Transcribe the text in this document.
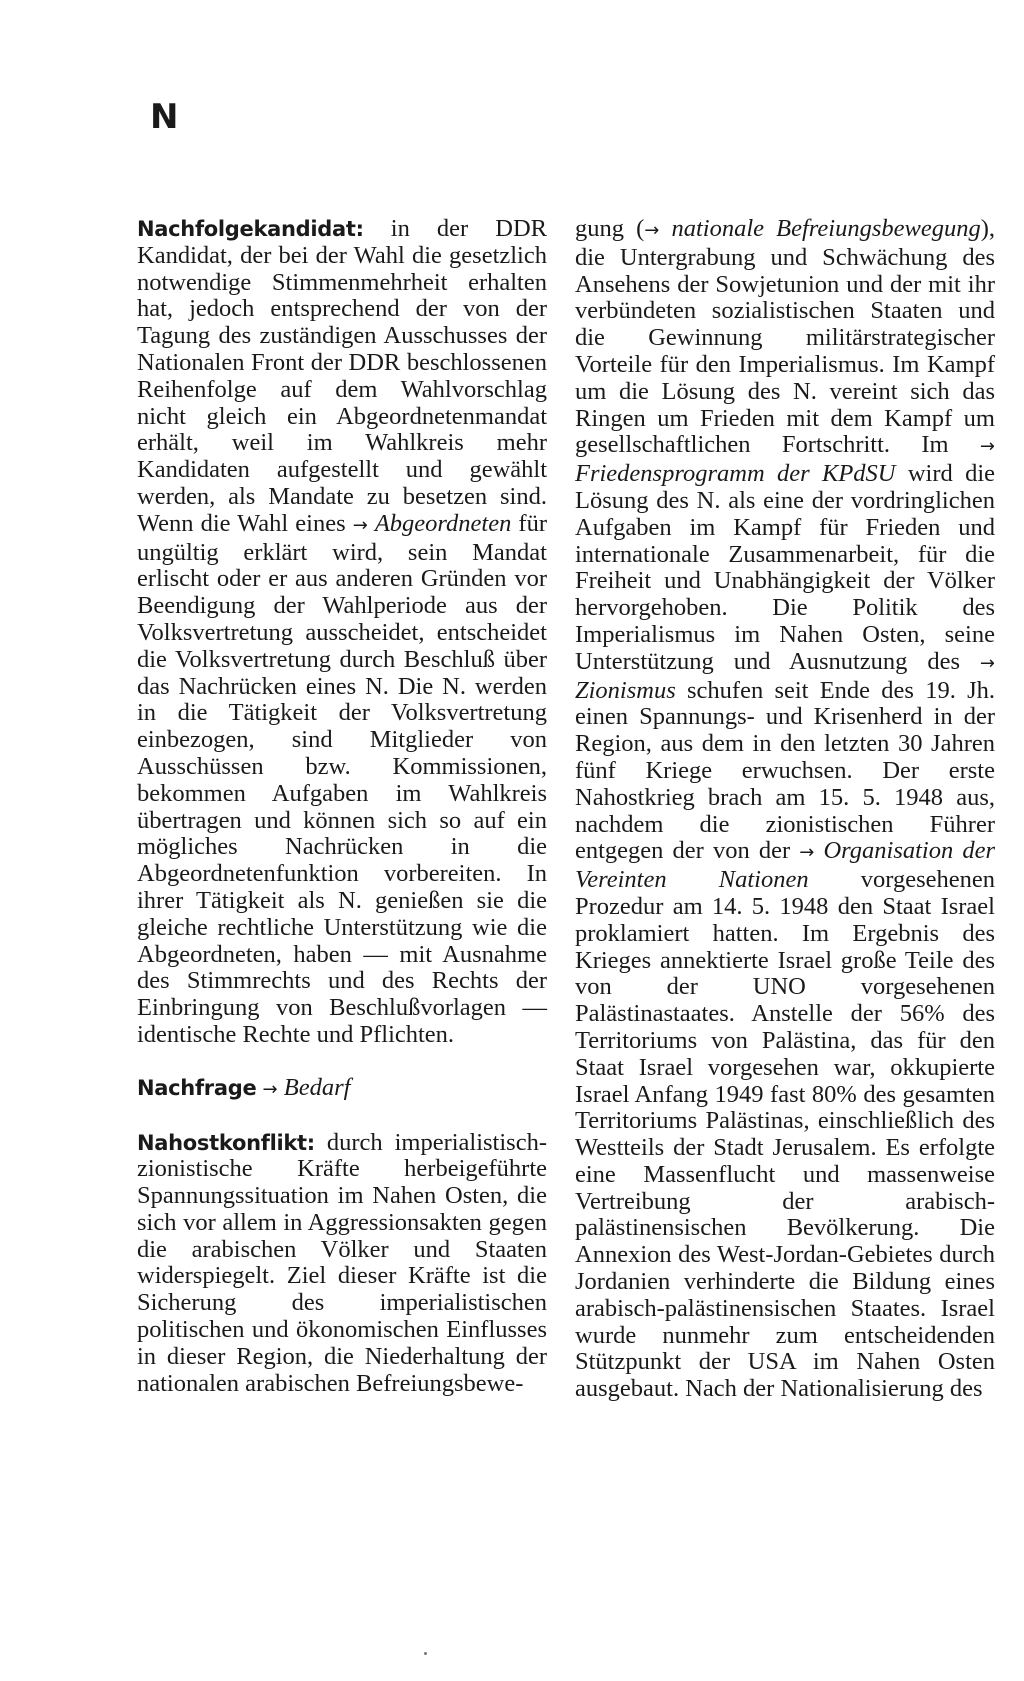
N

Nachfolgekandidat: in der DDR Kandidat, der bei der Wahl die gesetzlich notwendige Stimmenmehrheit erhalten hat, jedoch entsprechend der von der Tagung des zuständigen Ausschusses der Nationalen Front der DDR beschlossenen Reihenfolge auf dem Wahlvorschlag nicht gleich ein Abgeordnetenmandat erhält, weil im Wahlkreis mehr Kandidaten aufgestellt und gewählt werden, als Mandate zu besetzen sind. Wenn die Wahl eines → Abgeordneten für ungültig erklärt wird, sein Mandat erlischt oder er aus anderen Gründen vor Beendigung der Wahlperiode aus der Volksvertretung ausscheidet, entscheidet die Volksvertretung durch Beschluß über das Nachrücken eines N. Die N. werden in die Tätigkeit der Volksvertretung einbezogen, sind Mitglieder von Ausschüssen bzw. Kommissionen, bekommen Aufgaben im Wahlkreis übertragen und können sich so auf ein mögliches Nachrücken in die Abgeordnetenfunktion vorbereiten. In ihrer Tätigkeit als N. genießen sie die gleiche rechtliche Unterstützung wie die Abgeordneten, haben — mit Ausnahme des Stimmrechts und des Rechts der Einbringung von Beschlußvorlagen — identische Rechte und Pflichten.

Nachfrage → Bedarf

Nahostkonflikt: durch imperialistisch-zionistische Kräfte herbeigeführte Spannungssituation im Nahen Osten, die sich vor allem in Aggressionsakten gegen die arabischen Völker und Staaten widerspiegelt. Ziel dieser Kräfte ist die Sicherung des imperialistischen politischen und ökonomischen Einflusses in dieser Region, die Niederhaltung der nationalen arabischen Befreiungsbewe-

gung (→ nationale Befreiungsbewegung), die Untergrabung und Schwächung des Ansehens der Sowjetunion und der mit ihr verbündeten sozialistischen Staaten und die Gewinnung militärstrategischer Vorteile für den Imperialismus. Im Kampf um die Lösung des N. vereint sich das Ringen um Frieden mit dem Kampf um gesellschaftlichen Fortschritt. Im → Friedensprogramm der KPdSU wird die Lösung des N. als eine der vordringlichen Aufgaben im Kampf für Frieden und internationale Zusammenarbeit, für die Freiheit und Unabhängigkeit der Völker hervorgehoben. Die Politik des Imperialismus im Nahen Osten, seine Unterstützung und Ausnutzung des → Zionismus schufen seit Ende des 19. Jh. einen Spannungs- und Krisenherd in der Region, aus dem in den letzten 30 Jahren fünf Kriege erwuchsen. Der erste Nahostkrieg brach am 15. 5. 1948 aus, nachdem die zionistischen Führer entgegen der von der → Organisation der Vereinten Nationen vorgesehenen Prozedur am 14. 5. 1948 den Staat Israel proklamiert hatten. Im Ergebnis des Krieges annektierte Israel große Teile des von der UNO vorgesehenen Palästinastaates. Anstelle der 56% des Territoriums von Palästina, das für den Staat Israel vorgesehen war, okkupierte Israel Anfang 1949 fast 80% des gesamten Territoriums Palästinas, einschließlich des Westteils der Stadt Jerusalem. Es erfolgte eine Massenflucht und massenweise Vertreibung der arabisch-palästinensischen Bevölkerung. Die Annexion des West-Jordan-Gebietes durch Jordanien verhinderte die Bildung eines arabisch-palästinensischen Staates. Israel wurde nunmehr zum entscheidenden Stützpunkt der USA im Nahen Osten ausgebaut. Nach der Nationalisierung des
